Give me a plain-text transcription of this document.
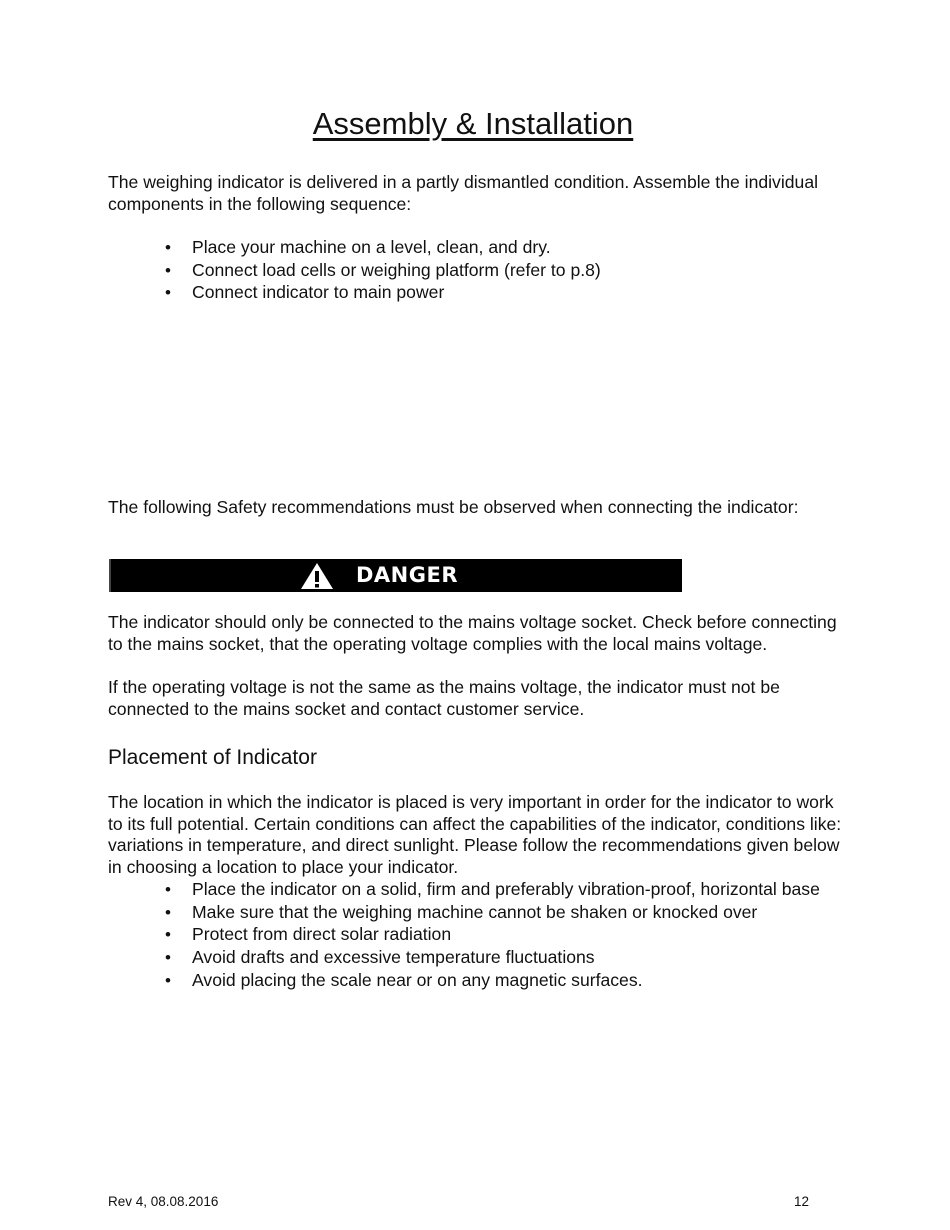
Assembly & Installation

The weighing indicator is delivered in a partly dismantled condition. Assemble the individual components in the following sequence:

•	Place your machine on a level, clean, and dry.
•	Connect load cells or weighing platform (refer to p.8)
•	Connect indicator to main power

The following Safety recommendations must be observed when connecting the indicator:

DANGER

The indicator should only be connected to the mains voltage socket. Check before connecting to the mains socket, that the operating voltage complies with the local mains voltage.

If the operating voltage is not the same as the mains voltage, the indicator must not be connected to the mains socket and contact customer service.

Placement of Indicator

The location in which the indicator is placed is very important in order for the indicator to work to its full potential. Certain conditions can affect the capabilities of the indicator, conditions like: variations in temperature, and direct sunlight. Please follow the recommendations given below in choosing a location to place your indicator.

•	Place the indicator on a solid, firm and preferably vibration-proof, horizontal base
•	Make sure that the weighing machine cannot be shaken or knocked over
•	Protect from direct solar radiation
•	Avoid drafts and excessive temperature fluctuations
•	Avoid placing the scale near or on any magnetic surfaces.
Rev 4, 08.08.2016	12
